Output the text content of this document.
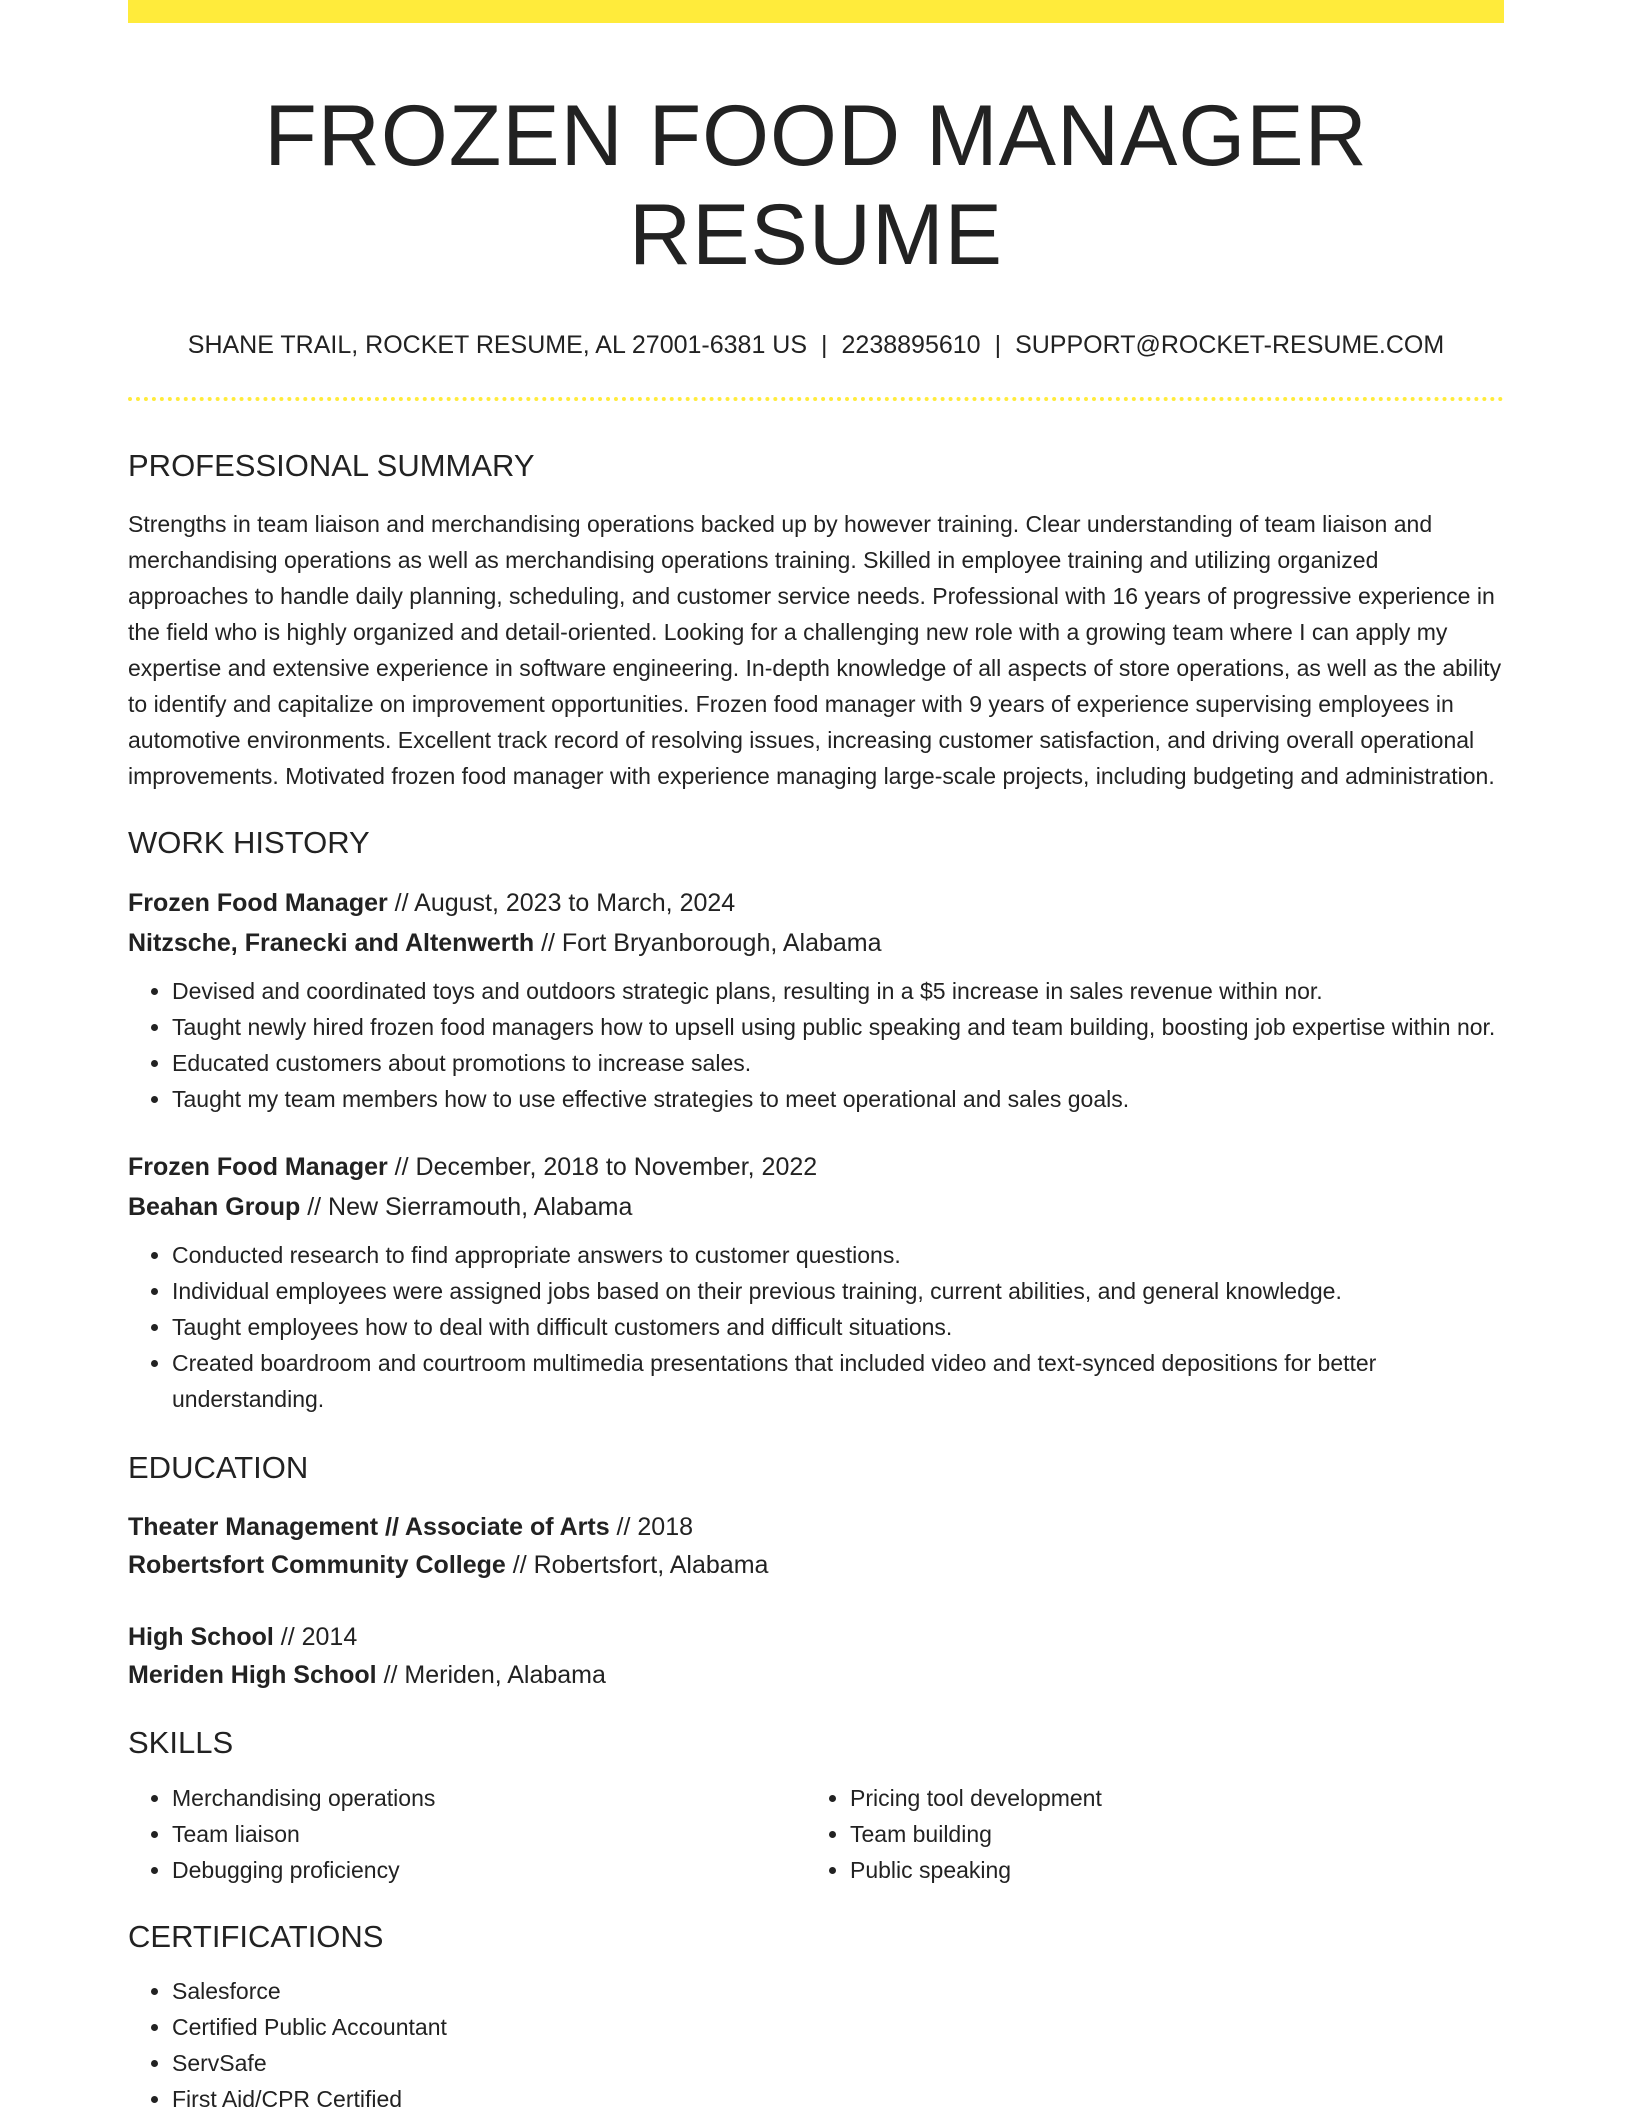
FROZEN FOOD MANAGER RESUME
SHANE TRAIL, ROCKET RESUME, AL 27001-6381 US | 2238895610 | SUPPORT@ROCKET-RESUME.COM
PROFESSIONAL SUMMARY

Strengths in team liaison and merchandising operations backed up by however training. Clear understanding of team liaison and merchandising operations as well as merchandising operations training. Skilled in employee training and utilizing organized approaches to handle daily planning, scheduling, and customer service needs. Professional with 16 years of progressive experience in the field who is highly organized and detail-oriented. Looking for a challenging new role with a growing team where I can apply my expertise and extensive experience in software engineering. In-depth knowledge of all aspects of store operations, as well as the ability to identify and capitalize on improvement opportunities. Frozen food manager with 9 years of experience supervising employees in automotive environments. Excellent track record of resolving issues, increasing customer satisfaction, and driving overall operational improvements. Motivated frozen food manager with experience managing large-scale projects, including budgeting and administration.

WORK HISTORY
Frozen Food Manager // August, 2023 to March, 2024
Nitzsche, Franecki and Altenwerth // Fort Bryanborough, Alabama
• Devised and coordinated toys and outdoors strategic plans, resulting in a $5 increase in sales revenue within nor.
• Taught newly hired frozen food managers how to upsell using public speaking and team building, boosting job expertise within nor.
• Educated customers about promotions to increase sales.
• Taught my team members how to use effective strategies to meet operational and sales goals.
Frozen Food Manager // December, 2018 to November, 2022
Beahan Group // New Sierramouth, Alabama
• Conducted research to find appropriate answers to customer questions.
• Individual employees were assigned jobs based on their previous training, current abilities, and general knowledge.
• Taught employees how to deal with difficult customers and difficult situations.
• Created boardroom and courtroom multimedia presentations that included video and text-synced depositions for better understanding.
EDUCATION
Theater Management // Associate of Arts // 2018
Robertsfort Community College // Robertsfort, Alabama
High School // 2014
Meriden High School // Meriden, Alabama
SKILLS
• Merchandising operations
• Team liaison
• Debugging proficiency
• Pricing tool development
• Team building
• Public speaking
CERTIFICATIONS
• Salesforce
• Certified Public Accountant
• ServSafe
• First Aid/CPR Certified
